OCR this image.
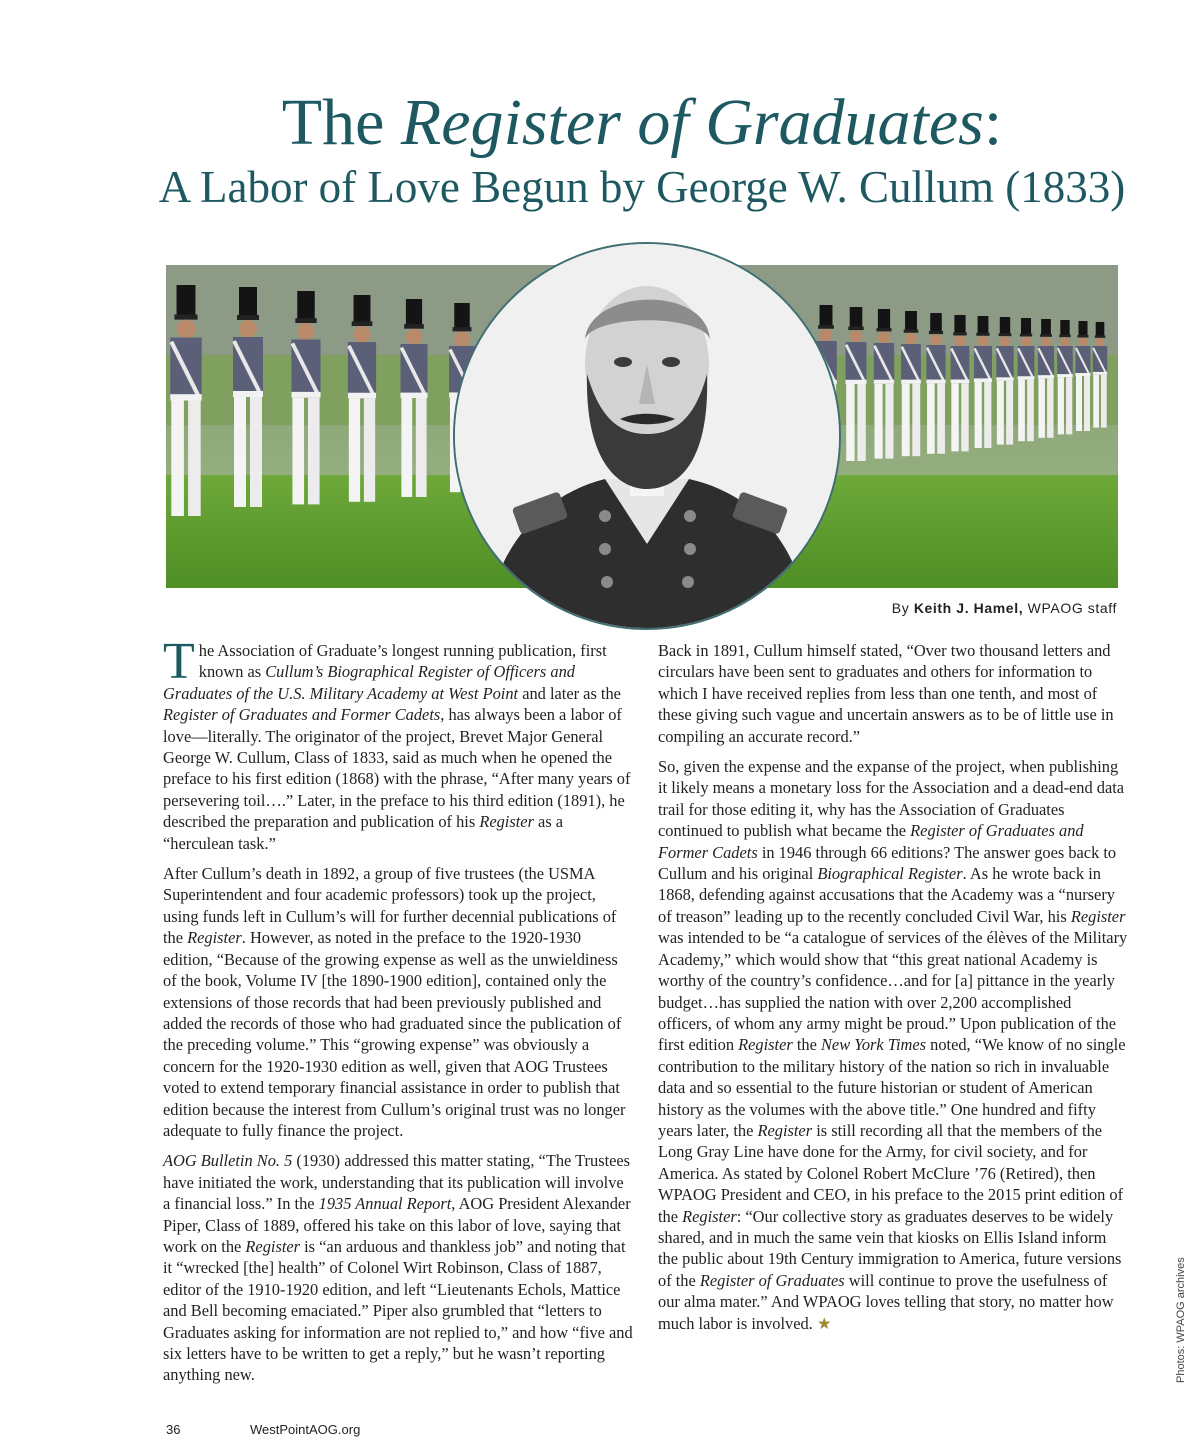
The Register of Graduates:
A Labor of Love Begun by George W. Cullum (1833)
By Keith J. Hamel, WPAOG staff

The Association of Graduate’s longest running publication, first known as Cullum’s Biographical Register of Officers and Graduates of the U.S. Military Academy at West Point and later as the Register of Graduates and Former Cadets, has always been a labor of love—literally. The originator of the project, Brevet Major General George W. Cullum, Class of 1833, said as much when he opened the preface to his first edition (1868) with the phrase, “After many years of persevering toil….” Later, in the preface to his third edition (1891), he described the preparation and publication of his Register as a “herculean task.”

After Cullum’s death in 1892, a group of five trustees (the USMA Superintendent and four academic professors) took up the project, using funds left in Cullum’s will for further decennial publications of the Register. However, as noted in the preface to the 1920-1930 edition, “Because of the growing expense as well as the unwieldiness of the book, Volume IV [the 1890-1900 edition], contained only the extensions of those records that had been previously published and added the records of those who had graduated since the publication of the preceding volume.” This “growing expense” was obviously a concern for the 1920-1930 edition as well, given that AOG Trustees voted to extend temporary financial assistance in order to publish that edition because the interest from Cullum’s original trust was no longer adequate to fully finance the project.

AOG Bulletin No. 5 (1930) addressed this matter stating, “The Trustees have initiated the work, understanding that its publication will involve a financial loss.” In the 1935 Annual Report, AOG President Alexander Piper, Class of 1889, offered his take on this labor of love, saying that work on the Register is “an arduous and thankless job” and noting that it “wrecked [the] health” of Colonel Wirt Robinson, Class of 1887, editor of the 1910-1920 edition, and left “Lieutenants Echols, Mattice and Bell becoming emaciated.” Piper also grumbled that “letters to Graduates asking for information are not replied to,” and how “five and six letters have to be written to get a reply,” but he wasn’t reporting anything new.

Back in 1891, Cullum himself stated, “Over two thousand letters and circulars have been sent to graduates and others for information to which I have received replies from less than one tenth, and most of these giving such vague and uncertain answers as to be of little use in compiling an accurate record.”

So, given the expense and the expanse of the project, when publishing it likely means a monetary loss for the Association and a dead-end data trail for those editing it, why has the Association of Graduates continued to publish what became the Register of Graduates and Former Cadets in 1946 through 66 editions? The answer goes back to Cullum and his original Biographical Register. As he wrote back in 1868, defending against accusations that the Academy was a “nursery of treason” leading up to the recently concluded Civil War, his Register was intended to be “a catalogue of services of the élèves of the Military Academy,” which would show that “this great national Academy is worthy of the country’s confidence…and for [a] pittance in the yearly budget…has supplied the nation with over 2,200 accomplished officers, of whom any army might be proud.” Upon publication of the first edition Register the New York Times noted, “We know of no single contribution to the military history of the nation so rich in invaluable data and so essential to the future historian or student of American history as the volumes with the above title.” One hundred and fifty years later, the Register is still recording all that the members of the Long Gray Line have done for the Army, for civil society, and for America. As stated by Colonel Robert McClure ’76 (Retired), then WPAOG President and CEO, in his preface to the 2015 print edition of the Register: “Our collective story as graduates deserves to be widely shared, and in much the same vein that kiosks on Ellis Island inform the public about 19th Century immigration to America, future versions of the Register of Graduates will continue to prove the usefulness of our alma mater.” And WPAOG loves telling that story, no matter how much labor is involved. ★	Photos: WPAOG archives
36	WestPointAOG.org
